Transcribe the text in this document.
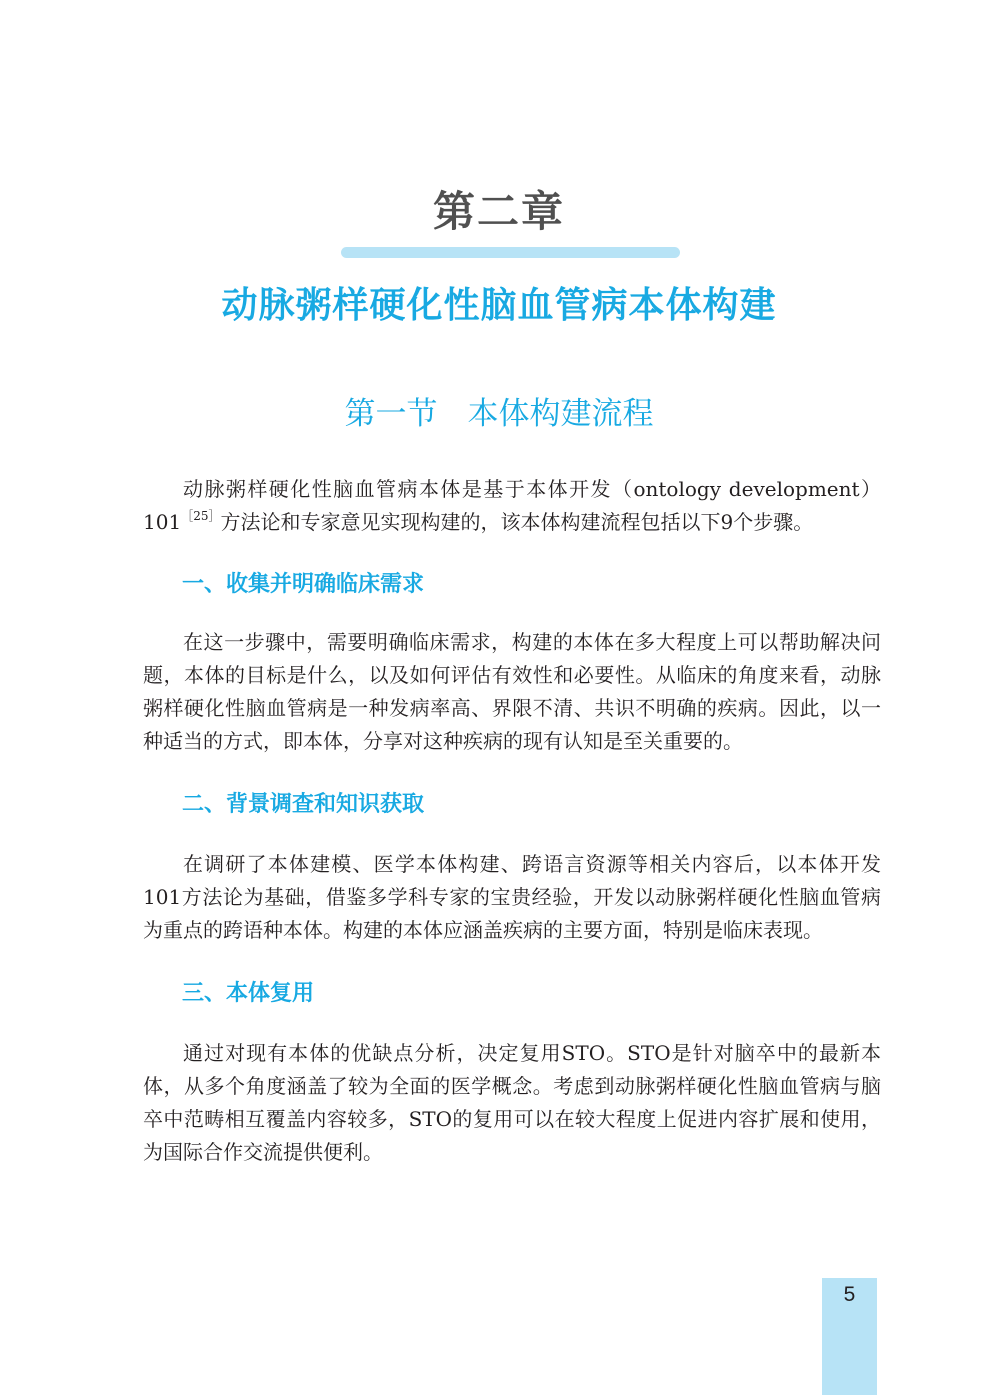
第二章
动脉粥样硬化性脑血管病本体构建
第一节 本体构建流程

动脉粥样硬化性脑血管病本体是基于本体开发（ontology development）101$^{[25]}$方法论和专家意见实现构建的，该本体构建流程包括以下9个步骤。

一、收集并明确临床需求

在这一步骤中，需要明确临床需求，构建的本体在多大程度上可以帮助解决问题，本体的目标是什么，以及如何评估有效性和必要性。从临床的角度来看，动脉粥样硬化性脑血管病是一种发病率高、界限不清、共识不明确的疾病。因此，以一种适当的方式，即本体，分享对这种疾病的现有认知是至关重要的。

二、背景调查和知识获取

在调研了本体建模、医学本体构建、跨语言资源等相关内容后，以本体开发101方法论为基础，借鉴多学科专家的宝贵经验，开发以动脉粥样硬化性脑血管病为重点的跨语种本体。构建的本体应涵盖疾病的主要方面，特别是临床表现。

三、本体复用

通过对现有本体的优缺点分析，决定复用STO。STO是针对脑卒中的最新本体，从多个角度涵盖了较为全面的医学概念。考虑到动脉粥样硬化性脑血管病与脑卒中范畴相互覆盖内容较多，STO的复用可以在较大程度上促进内容扩展和使用，为国际合作交流提供便利。

5
